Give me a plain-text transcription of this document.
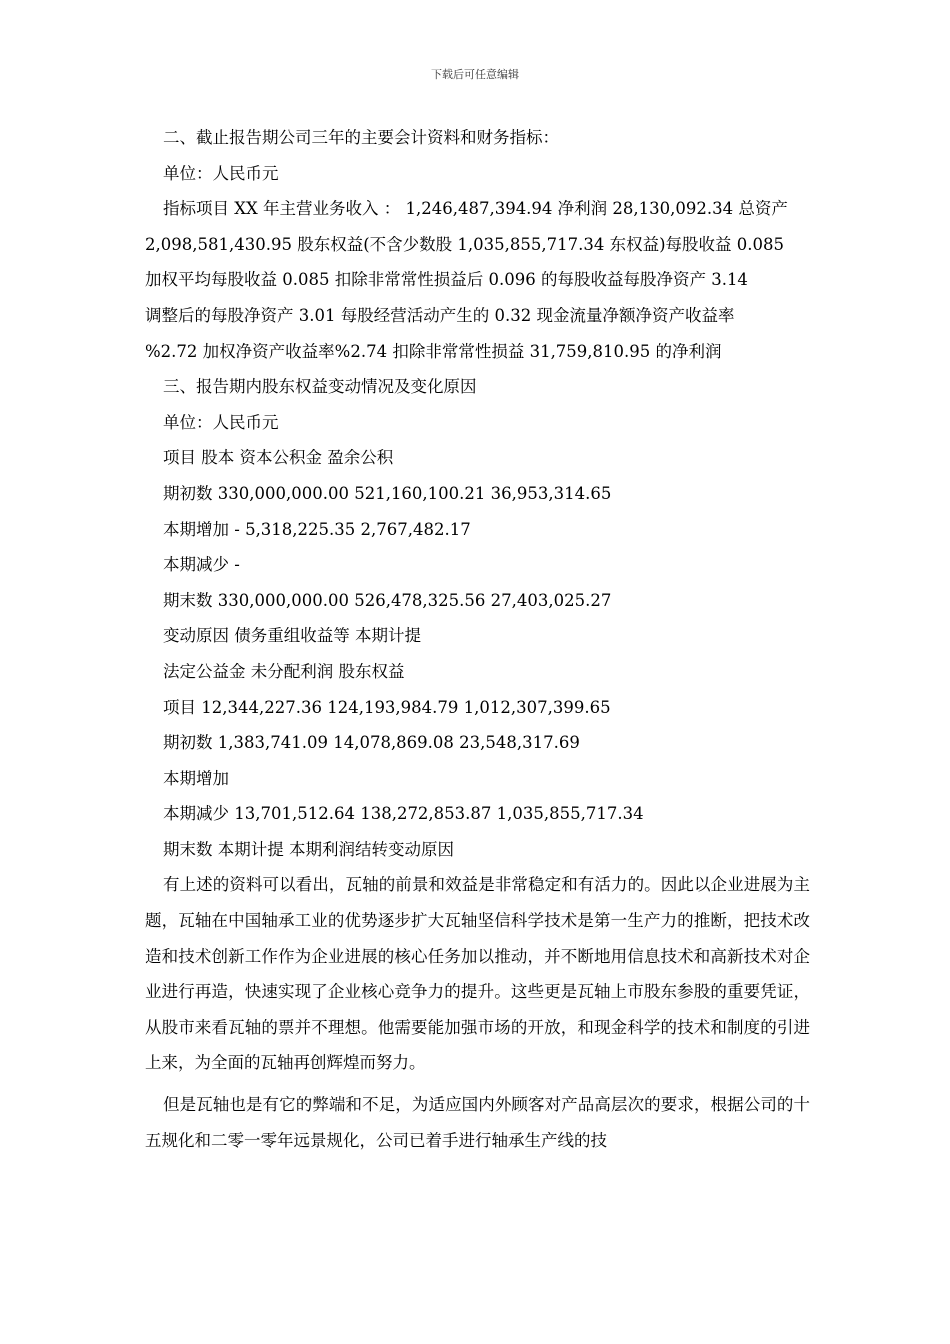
下载后可任意编辑
二、截止报告期公司三年的主要会计资料和财务指标：
单位：人民币元
指标项目 XX 年主营业务收入 ： 1,246,487,394.94 净利润 28,130,092.34 总资产
2,098,581,430.95 股东权益(不含少数股 1,035,855,717.34 东权益)每股收益 0.085
加权平均每股收益 0.085 扣除非常常性损益后 0.096 的每股收益每股净资产 3.14
调整后的每股净资产 3.01 每股经营活动产生的 0.32 现金流量净额净资产收益率
%2.72 加权净资产收益率%2.74 扣除非常常性损益 31,759,810.95 的净利润
三、报告期内股东权益变动情况及变化原因
单位：人民币元
项目 股本 资本公积金 盈余公积
期初数 330,000,000.00 521,160,100.21 36,953,314.65
本期增加 - 5,318,225.35 2,767,482.17
本期减少 -
期末数 330,000,000.00 526,478,325.56 27,403,025.27
变动原因 债务重组收益等 本期计提
法定公益金 未分配利润 股东权益
项目 12,344,227.36 124,193,984.79 1,012,307,399.65
期初数 1,383,741.09 14,078,869.08 23,548,317.69
本期增加
本期减少 13,701,512.64 138,272,853.87 1,035,855,717.34
期末数 本期计提 本期利润结转变动原因
有上述的资料可以看出，瓦轴的前景和效益是非常稳定和有活力的。因此以企业进展为主题，瓦轴在中国轴承工业的优势逐步扩大瓦轴坚信科学技术是第一生产力的推断，把技术改造和技术创新工作作为企业进展的核心任务加以推动，并不断地用信息技术和高新技术对企业进行再造，快速实现了企业核心竞争力的提升。这些更是瓦轴上市股东参股的重要凭证，从股市来看瓦轴的票并不理想。他需要能加强市场的开放，和现金科学的技术和制度的引进上来，为全面的瓦轴再创辉煌而努力。
但是瓦轴也是有它的弊端和不足，为适应国内外顾客对产品高层次的要求，根据公司的十五规化和二零一零年远景规化，公司已着手进行轴承生产线的技
